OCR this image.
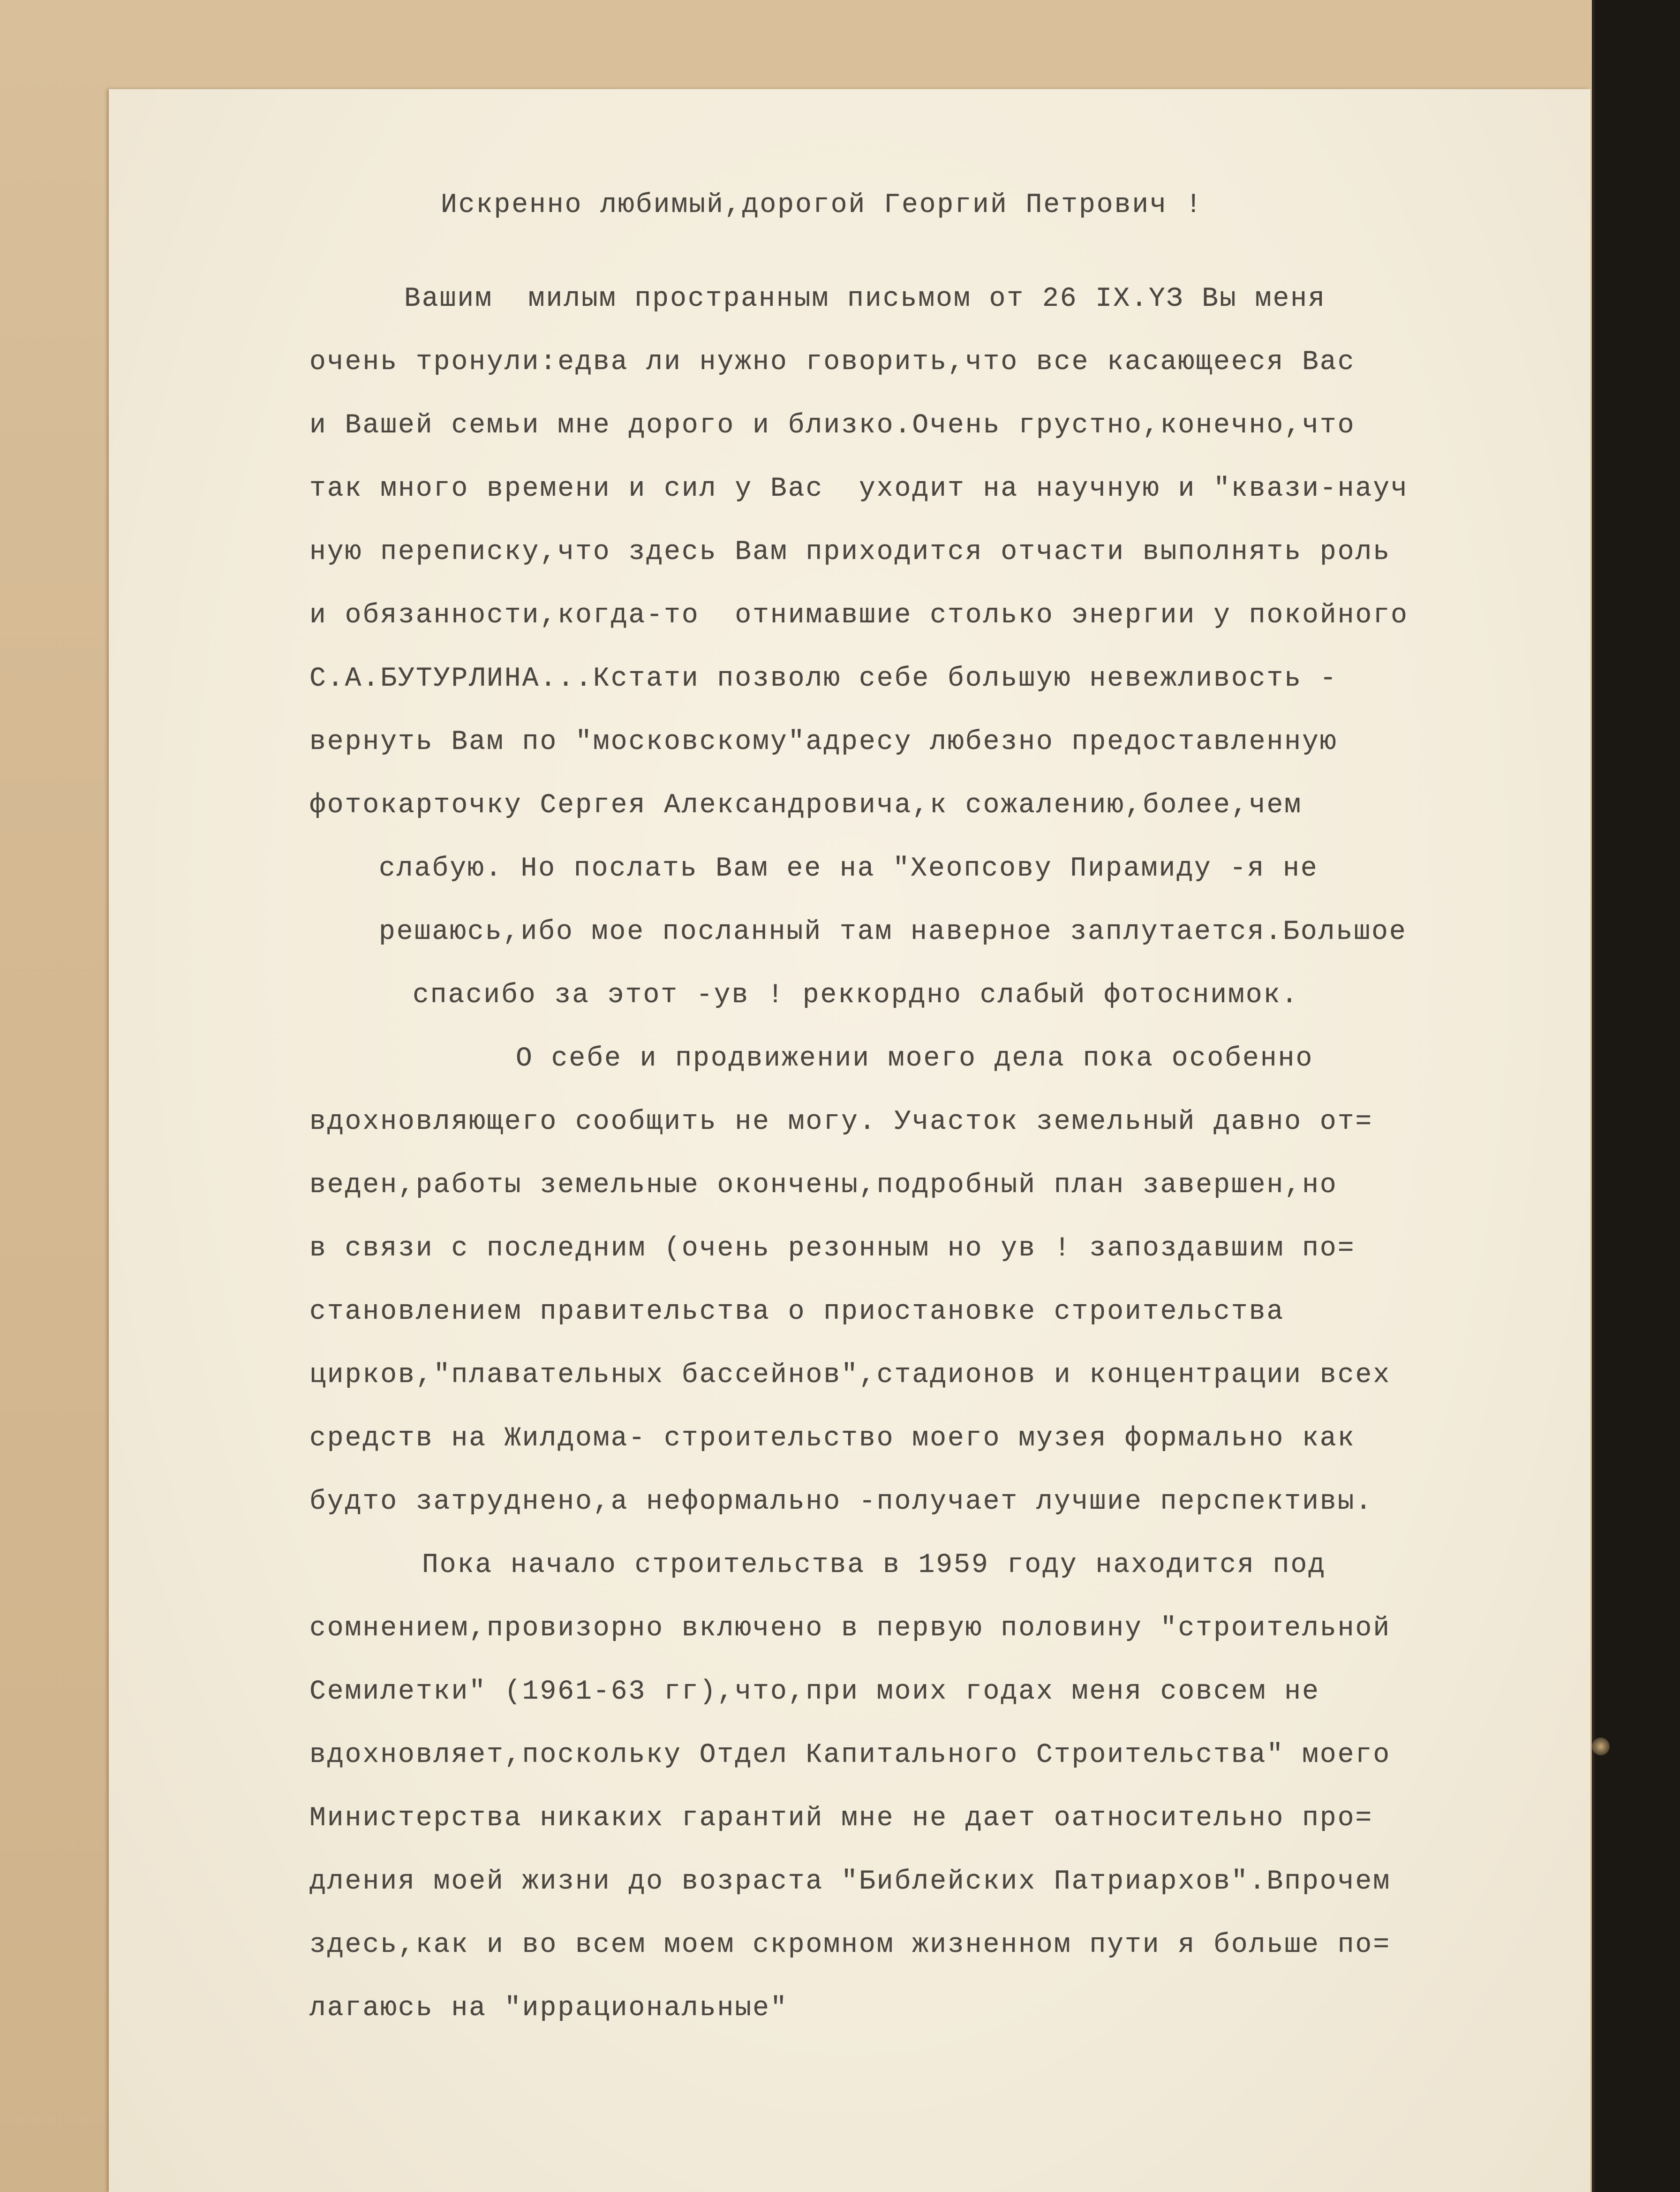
Искренно любимый,дорогой Георгий Петрович !
Вашим  милым пространным письмом от 26 IX.ҮЗ Вы меня
очень тронули:едва ли нужно говорить,что все касающееся Вас
и Вашей семьи мне дорого и близко.Очень грустно,конечно,что
так много времени и сил у Вас  уходит на научную и "квази-науч
ную переписку,что здесь Вам приходится отчасти выполнять роль
и обязанности,когда-то  отнимавшие столько энергии у покойного
С.А.БУТУРЛИНА...Кстати позволю себе большую невежливость -
вернуть Вам по "московскому"адресу любезно предоставленную
фотокарточку Сергея Александровича,к сожалению,более,чем
слабую. Но послать Вам ее на "Хеопсову Пирамиду -я не
решаюсь,ибо мое посланный там наверное заплутается.Большое
спасибо за этот -ув ! реккордно слабый фотоснимок.
О себе и продвижении моего дела пока особенно
вдохновляющего сообщить не могу. Участок земельный давно от=
веден,работы земельные окончены,подробный план завершен,но
в связи с последним (очень резонным но ув ! запоздавшим по=
становлением правительства о приостановке строительства
цирков,"плавательных бассейнов",стадионов и концентрации всех
средств на Жилдома- строительство моего музея формально как
будто затруднено,а неформально -получает лучшие перспективы.
Пока начало строительства в 1959 году находится под
сомнением,провизорно включено в первую половину "строительной
Семилетки" (1961-63 гг),что,при моих годах меня совсем не
вдохновляет,поскольку Отдел Капитального Строительства" моего
Министерства никаких гарантий мне не дает оатносительно про=
дления моей жизни до возраста "Библейских Патриархов".Впрочем
здесь,как и во всем моем скромном жизненном пути я больше по=
лагаюсь на "иррациональные"
